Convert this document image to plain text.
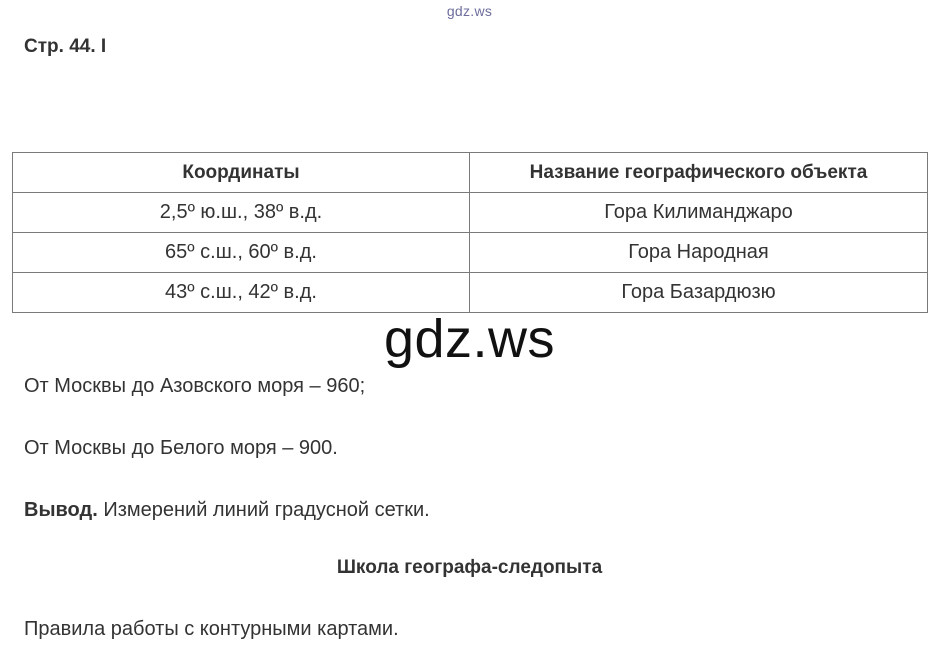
gdz.ws
Стр. 44. I
Координаты	Название географического объекта
2,5º ю.ш., 38º в.д.	Гора Килиманджаро
65º с.ш., 60º в.д.	Гора Народная
43º с.ш., 42º в.д.	Гора Базардюзю
gdz.ws
От Москвы до Азовского моря – 960;
От Москвы до Белого моря – 900.
Вывод. Измерений линий градусной сетки.
Школа географа-следопыта
Правила работы с контурными картами.
